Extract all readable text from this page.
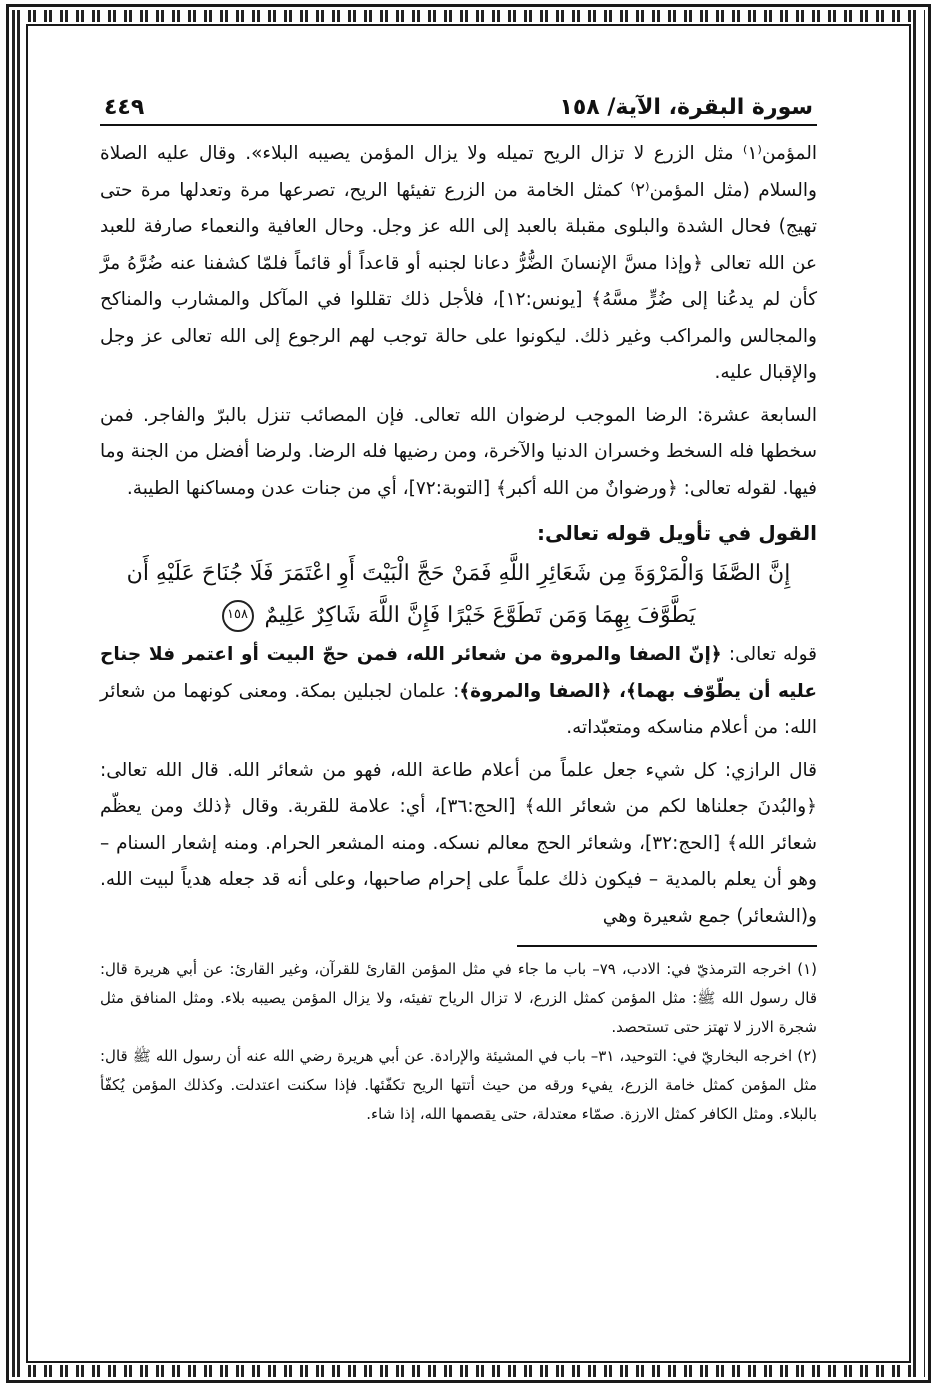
سورة البقرة، الآية/ ١٥٨
٤٤٩

المؤمن⁽١⁾ مثل الزرع لا تزال الريح تميله ولا يزال المؤمن يصيبه البلاء». وقال عليه الصلاة والسلام (مثل المؤمن⁽٢⁾ كمثل الخامة من الزرع تفيئها الريح، تصرعها مرة وتعدلها مرة حتى تهيج) فحال الشدة والبلوى مقبلة بالعبد إلى الله عز وجل. وحال العافية والنعماء صارفة للعبد عن الله تعالى ﴿وإذا مسَّ الإنسانَ الضُّرُّ دعانا لجنبه أو قاعداً أو قائماً فلمّا كشفنا عنه ضُرَّهُ مرَّ كأن لم يدعُنا إلى ضُرٍّ مسَّهُ﴾ [يونس:١٢]، فلأجل ذلك تقللوا في المآكل والمشارب والمناكح والمجالس والمراكب وغير ذلك. ليكونوا على حالة توجب لهم الرجوع إلى الله تعالى عز وجل والإقبال عليه.

السابعة عشرة: الرضا الموجب لرضوان الله تعالى. فإن المصائب تنزل بالبرّ والفاجر. فمن سخطها فله السخط وخسران الدنيا والآخرة، ومن رضيها فله الرضا. ولرضا أفضل من الجنة وما فيها. لقوله تعالى: ﴿ورضوانٌ من الله أكبر﴾ [التوبة:٧٢]، أي من جنات عدن ومساكنها الطيبة.

القول في تأويل قوله تعالى:
إِنَّ الصَّفَا وَالْمَرْوَةَ مِن شَعَائِرِ اللَّهِ فَمَنْ حَجَّ الْبَيْتَ أَوِ اعْتَمَرَ فَلَا جُنَاحَ عَلَيْهِ أَن يَطَّوَّفَ بِهِمَا وَمَن تَطَوَّعَ خَيْرًا فَإِنَّ اللَّهَ شَاكِرٌ عَلِيمٌ ١٥٨

قوله تعالى: ﴿إنّ الصفا والمروة من شعائر الله، فمن حجّ البيت أو اعتمر فلا جناح عليه أن يطّوّف بهما﴾، ﴿الصفا والمروة﴾: علمان لجبلين بمكة. ومعنى كونهما من شعائر الله: من أعلام مناسكه ومتعبّداته.

قال الرازي: كل شيء جعل علماً من أعلام طاعة الله، فهو من شعائر الله. قال الله تعالى: ﴿والبُدنَ جعلناها لكم من شعائر الله﴾ [الحج:٣٦]، أي: علامة للقربة. وقال ﴿ذلك ومن يعظّم شعائر الله﴾ [الحج:٣٢]، وشعائر الحج معالم نسكه. ومنه المشعر الحرام. ومنه إشعار السنام – وهو أن يعلم بالمدية – فيكون ذلك علماً على إحرام صاحبها، وعلى أنه قد جعله هدياً لبيت الله. و(الشعائر) جمع شعيرة وهي

(١) اخرجه الترمذيّ في: الادب، ٧٩– باب ما جاء في مثل المؤمن القارئ للقرآن، وغير القارئ: عن أبي هريرة قال: قال رسول الله ﷺ: مثل المؤمن كمثل الزرع، لا تزال الرياح تفيئه، ولا يزال المؤمن يصيبه بلاء. ومثل المنافق مثل شجرة الارز لا تهتز حتى تستحصد.

(٢) اخرجه البخاريّ في: التوحيد، ٣١– باب في المشيئة والإرادة. عن أبي هريرة رضي الله عنه أن رسول الله ﷺ قال: مثل المؤمن كمثل خامة الزرع، يفيء ورقه من حيث أتتها الريح تكفّئها. فإذا سكنت اعتدلت. وكذلك المؤمن يُكفّأ بالبلاء. ومثل الكافر كمثل الارزة. صمّاء معتدلة، حتى يقصمها الله، إذا شاء.
